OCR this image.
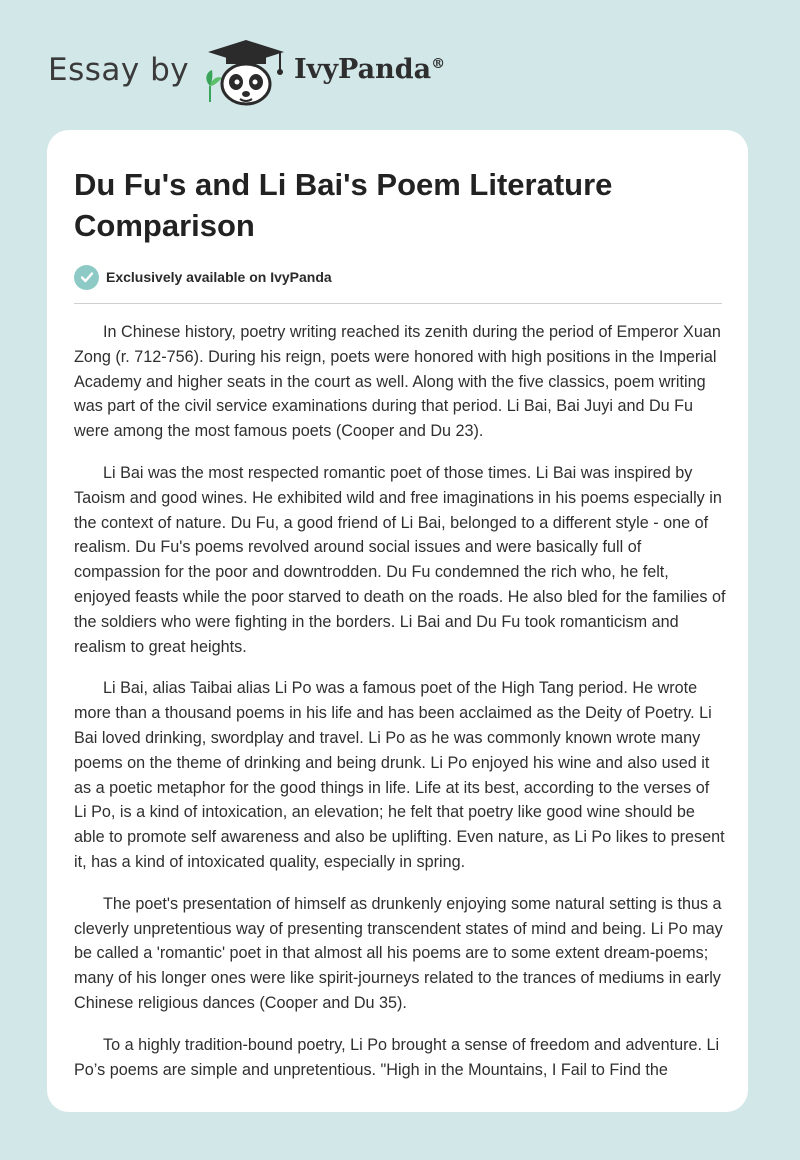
Essay by	IvyPanda®
Du Fu's and Li Bai's Poem Literature Comparison
Exclusively available on IvyPanda

In Chinese history, poetry writing reached its zenith during the period of Emperor Xuan Zong (r. 712-756). During his reign, poets were honored with high positions in the Imperial Academy and higher seats in the court as well. Along with the five classics, poem writing was part of the civil service examinations during that period. Li Bai, Bai Juyi and Du Fu were among the most famous poets (Cooper and Du 23).

Li Bai was the most respected romantic poet of those times. Li Bai was inspired by Taoism and good wines. He exhibited wild and free imaginations in his poems especially in the context of nature. Du Fu, a good friend of Li Bai, belonged to a different style - one of realism. Du Fu's poems revolved around social issues and were basically full of compassion for the poor and downtrodden. Du Fu condemned the rich who, he felt, enjoyed feasts while the poor starved to death on the roads. He also bled for the families of the soldiers who were fighting in the borders. Li Bai and Du Fu took romanticism and realism to great heights.

Li Bai, alias Taibai alias Li Po was a famous poet of the High Tang period. He wrote more than a thousand poems in his life and has been acclaimed as the Deity of Poetry. Li Bai loved drinking, swordplay and travel. Li Po as he was commonly known wrote many poems on the theme of drinking and being drunk. Li Po enjoyed his wine and also used it as a poetic metaphor for the good things in life. Life at its best, according to the verses of Li Po, is a kind of intoxication, an elevation; he felt that poetry like good wine should be able to promote self awareness and also be uplifting. Even nature, as Li Po likes to present it, has a kind of intoxicated quality, especially in spring.

The poet's presentation of himself as drunkenly enjoying some natural setting is thus a cleverly unpretentious way of presenting transcendent states of mind and being. Li Po may be called a 'romantic' poet in that almost all his poems are to some extent dream-poems; many of his longer ones were like spirit-journeys related to the trances of mediums in early Chinese religious dances (Cooper and Du 35).

To a highly tradition-bound poetry, Li Po brought a sense of freedom and adventure. Li Po’s poems are simple and unpretentious. "High in the Mountains, I Fail to Find the
